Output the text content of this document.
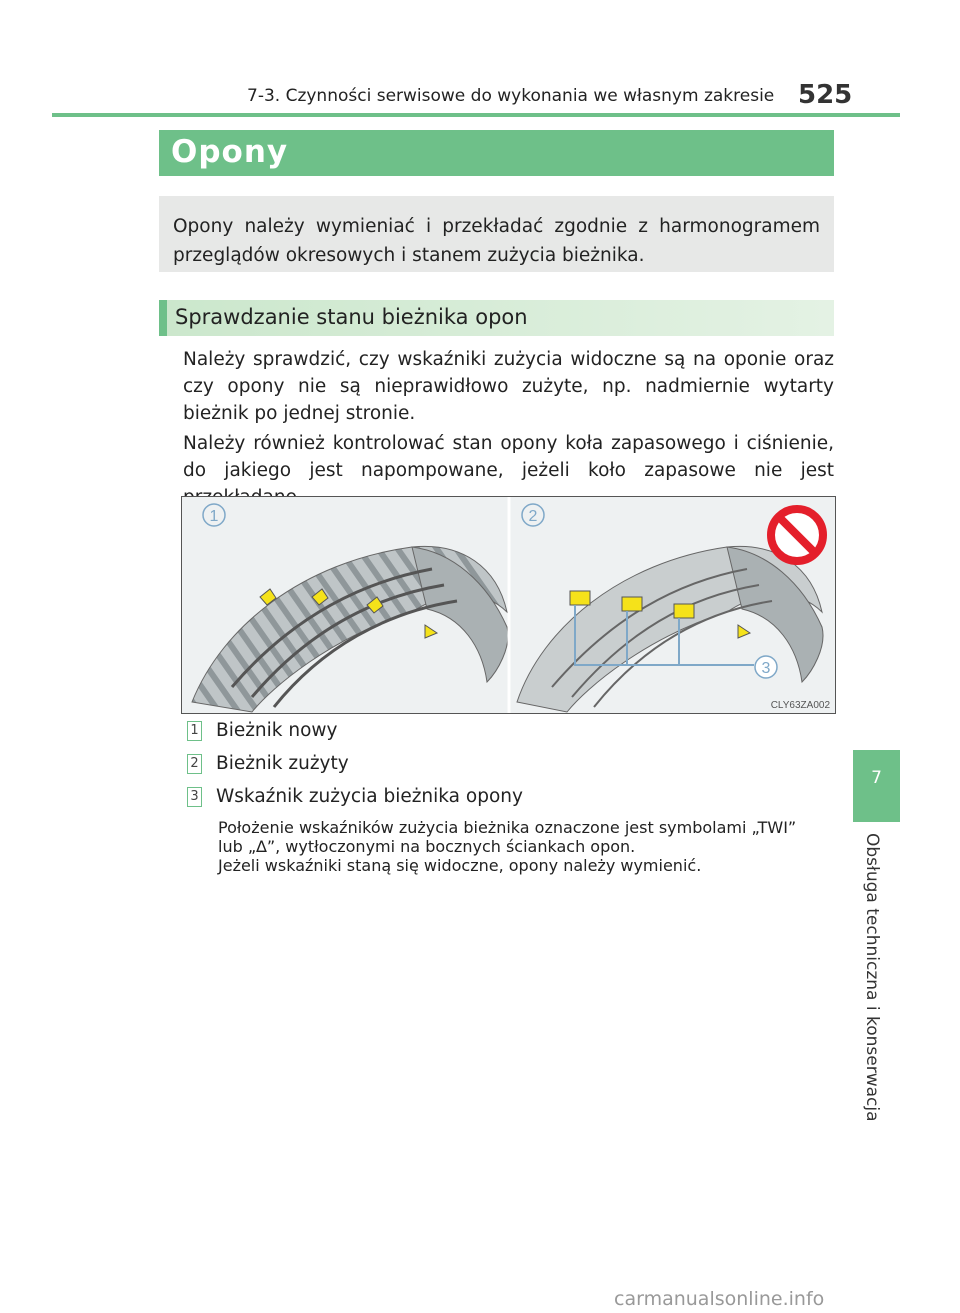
7-3. Czynności serwisowe do wykonania we własnym zakresie 525
Opony

Opony należy wymieniać i przekładać zgodnie z harmonogramem przeglądów okresowych i stanem zużycia bieżnika.

Sprawdzanie stanu bieżnika opon

Należy sprawdzić, czy wskaźniki zużycia widoczne są na oponie oraz czy opony nie są nieprawidłowo zużyte, np. nadmiernie wytarty bieżnik po jednej stronie.

Należy również kontrolować stan opony koła zapasowego i ciśnienie, do jakiego jest napompowane, jeżeli koło zapasowe nie jest

1	2
3
CLY63ZA002
1 Bieżnik nowy
2 Bieżnik zużyty
3 Wskaźnik zużycia bieżnika opony
Położenie wskaźników zużycia bieżnika oznaczone jest symbolami „TWI”
lub „∆”, wytłoczonymi na bocznych ściankach opon.
Jeżeli wskaźniki staną się widoczne, opony należy wymienić.
7
Obsługa techniczna i konserwacja
carmanualsonline.info
